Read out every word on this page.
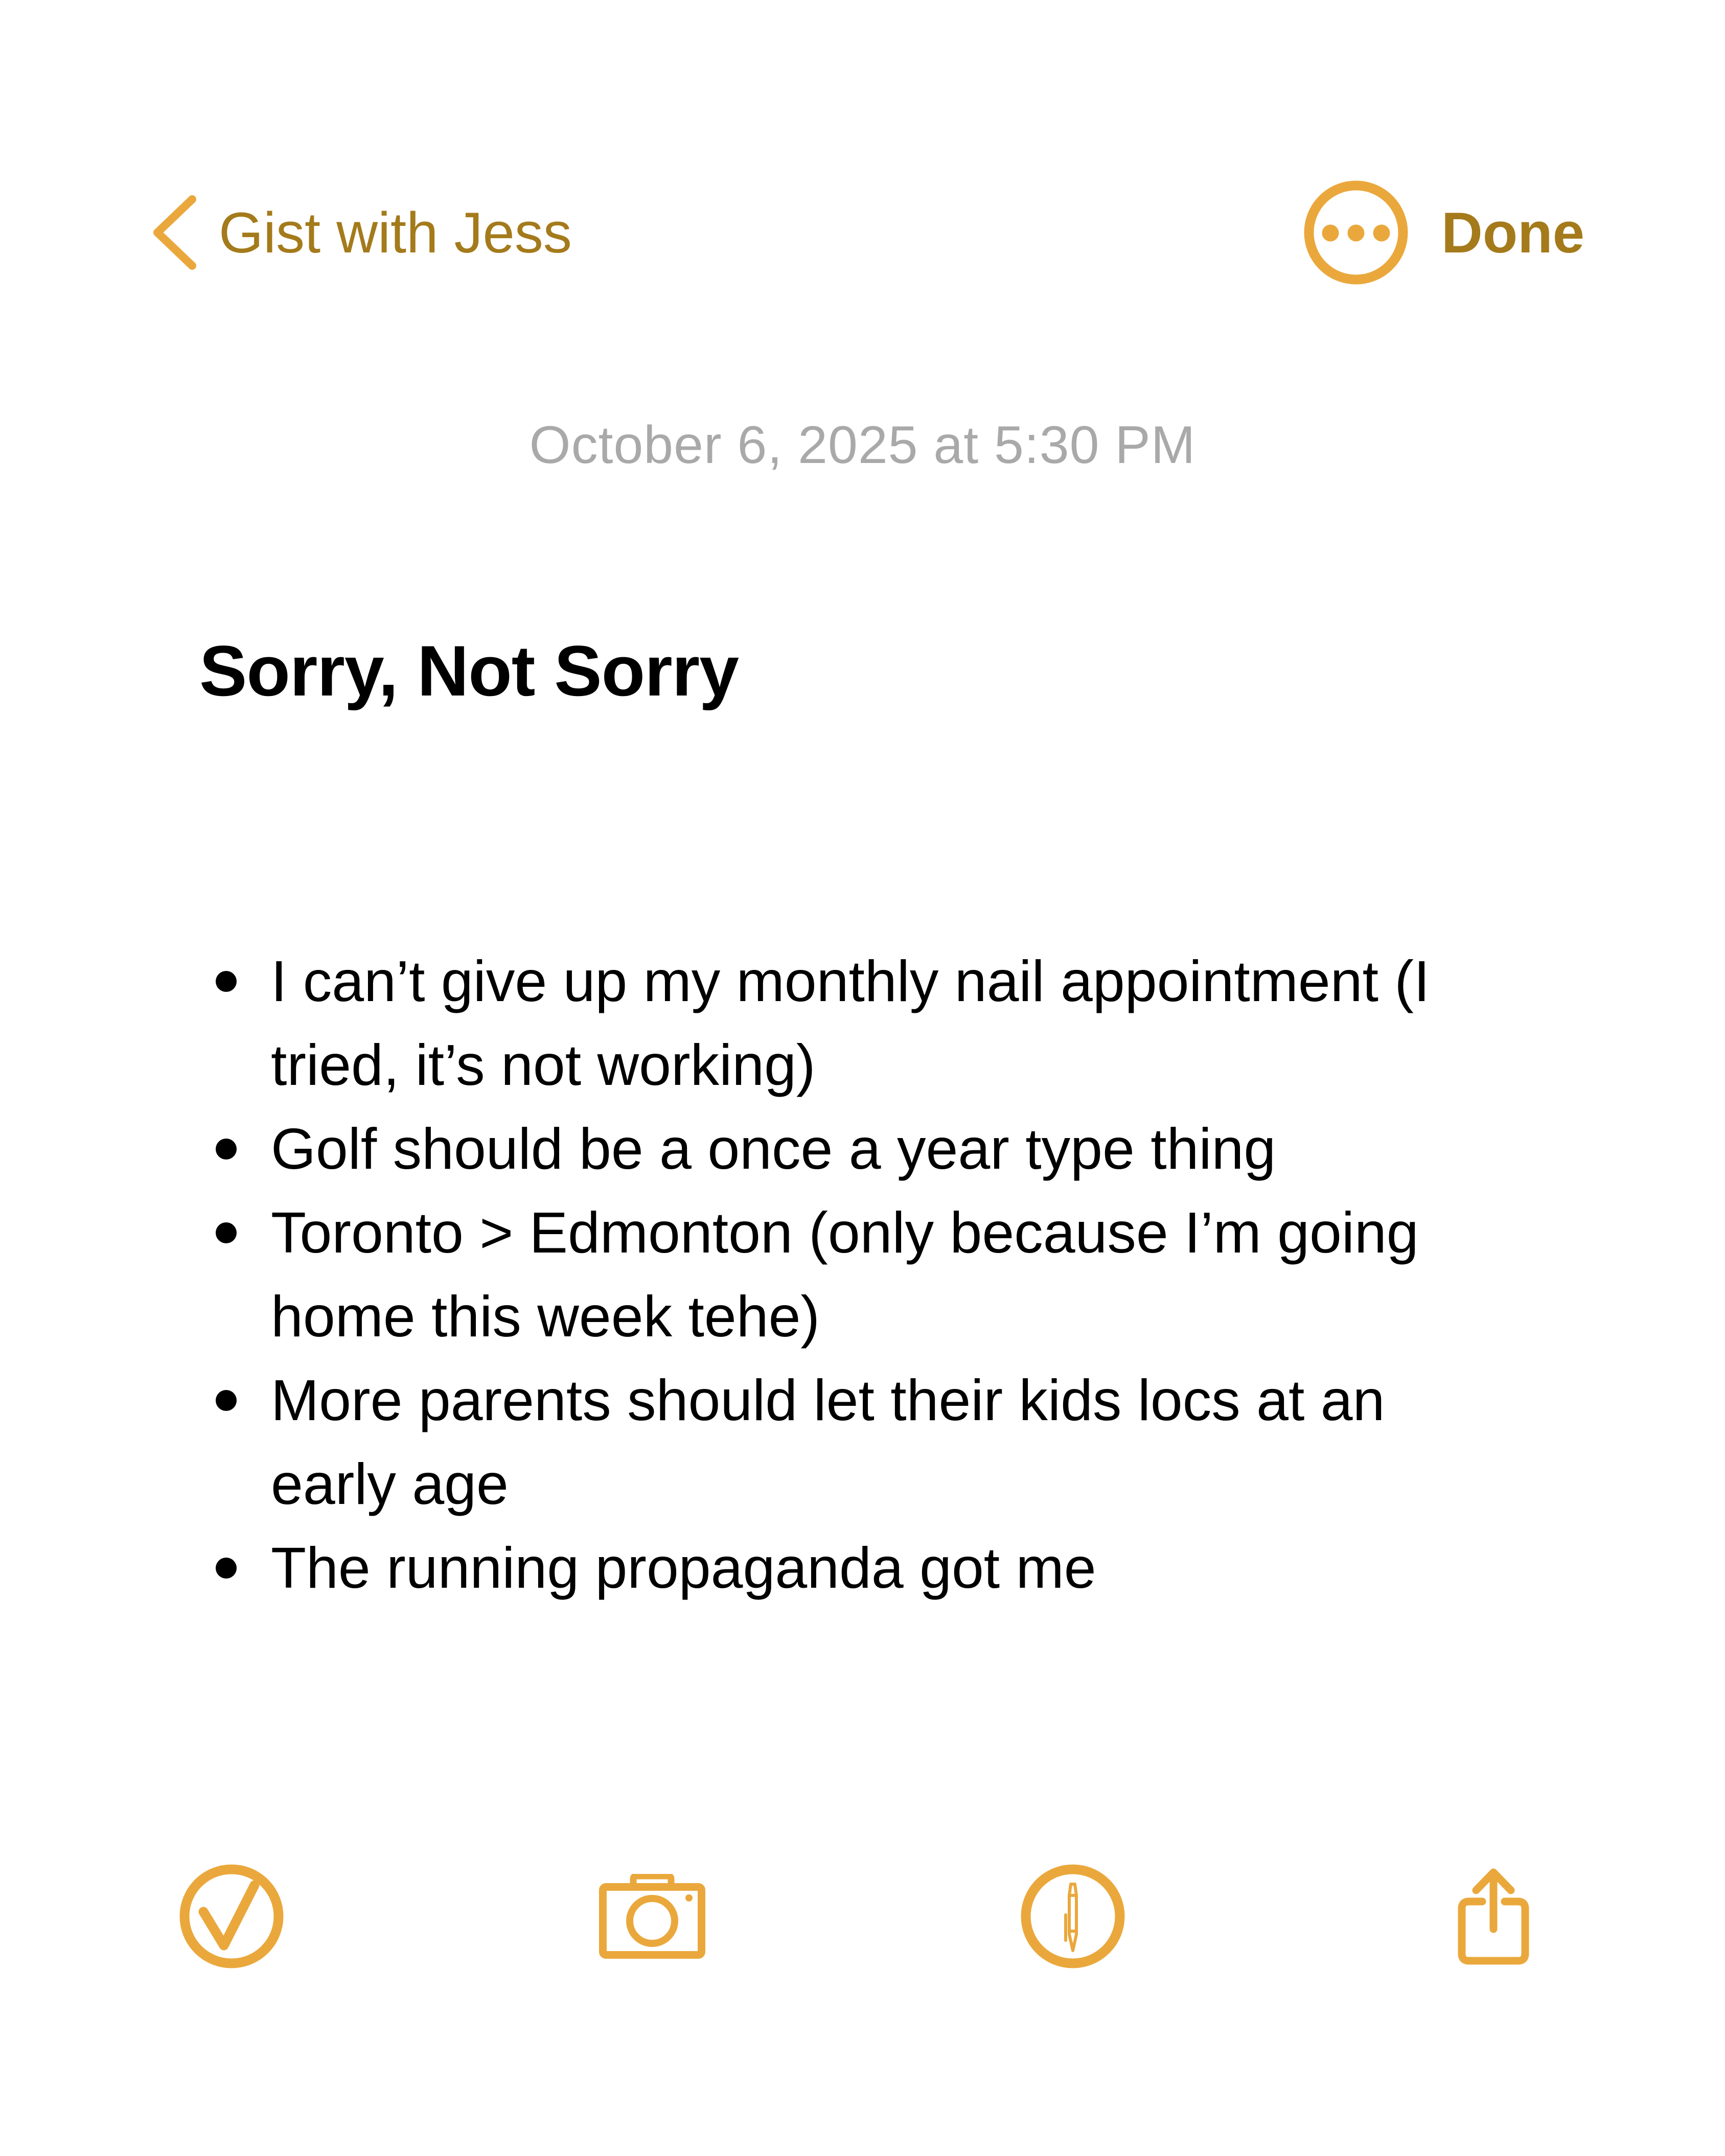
Gist with Jess	Done
October 6, 2025 at 5:30 PM
Sorry, Not Sorry
I can’t give up my monthly nail appointment (I tried, it’s not working)
Golf should be a once a year type thing
Toronto > Edmonton (only because I’m going home this week tehe)
More parents should let their kids locs at an early age
The running propaganda got me
